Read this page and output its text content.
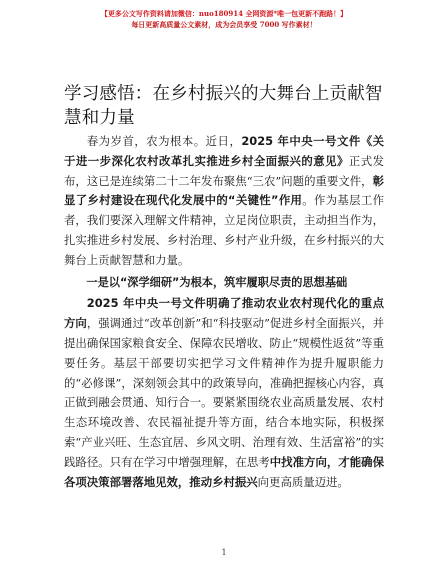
【更多公文写作资料请加微信：nuo180914 全网资源*唯一包更新不跑路！】
每日更新高质量公文素材，成为会员享受 7000 写作素材！
学习感悟：在乡村振兴的大舞台上贡献智慧和力量

春为岁首，农为根本。近日，2025 年中央一号文件《关于进一步深化农村改革扎实推进乡村全面振兴的意见》正式发布，这已是连续第二十二年发布聚焦“三农”问题的重要文件，彰显了乡村建设在现代化发展中的“关键性”作用。作为基层工作者，我们要深入理解文件精神，立足岗位职责，主动担当作为，扎实推进乡村发展、乡村治理、乡村产业升级，在乡村振兴的大舞台上贡献智慧和力量。

一是以“深学细研”为根本，筑牢履职尽责的思想基础

2025 年中央一号文件明确了推动农业农村现代化的重点方向，强调通过“改革创新”和“科技驱动”促进乡村全面振兴，并提出确保国家粮食安全、保障农民增收、防止“规模性返贫”等重要任务。基层干部要切实把学习文件精神作为提升履职能力的“必修课”，深刻领会其中的政策导向，准确把握核心内容，真正做到融会贯通、知行合一。要紧紧围绕农业高质量发展、农村生态环境改善、农民福祉提升等方面，结合本地实际，积极探索“产业兴旺、生态宜居、乡风文明、治理有效、生活富裕”的实践路径。只有在学习中增强理解，在思考中找准方向，才能确保各项决策部署落地见效，推动乡村振兴向更高质量迈进。

1
